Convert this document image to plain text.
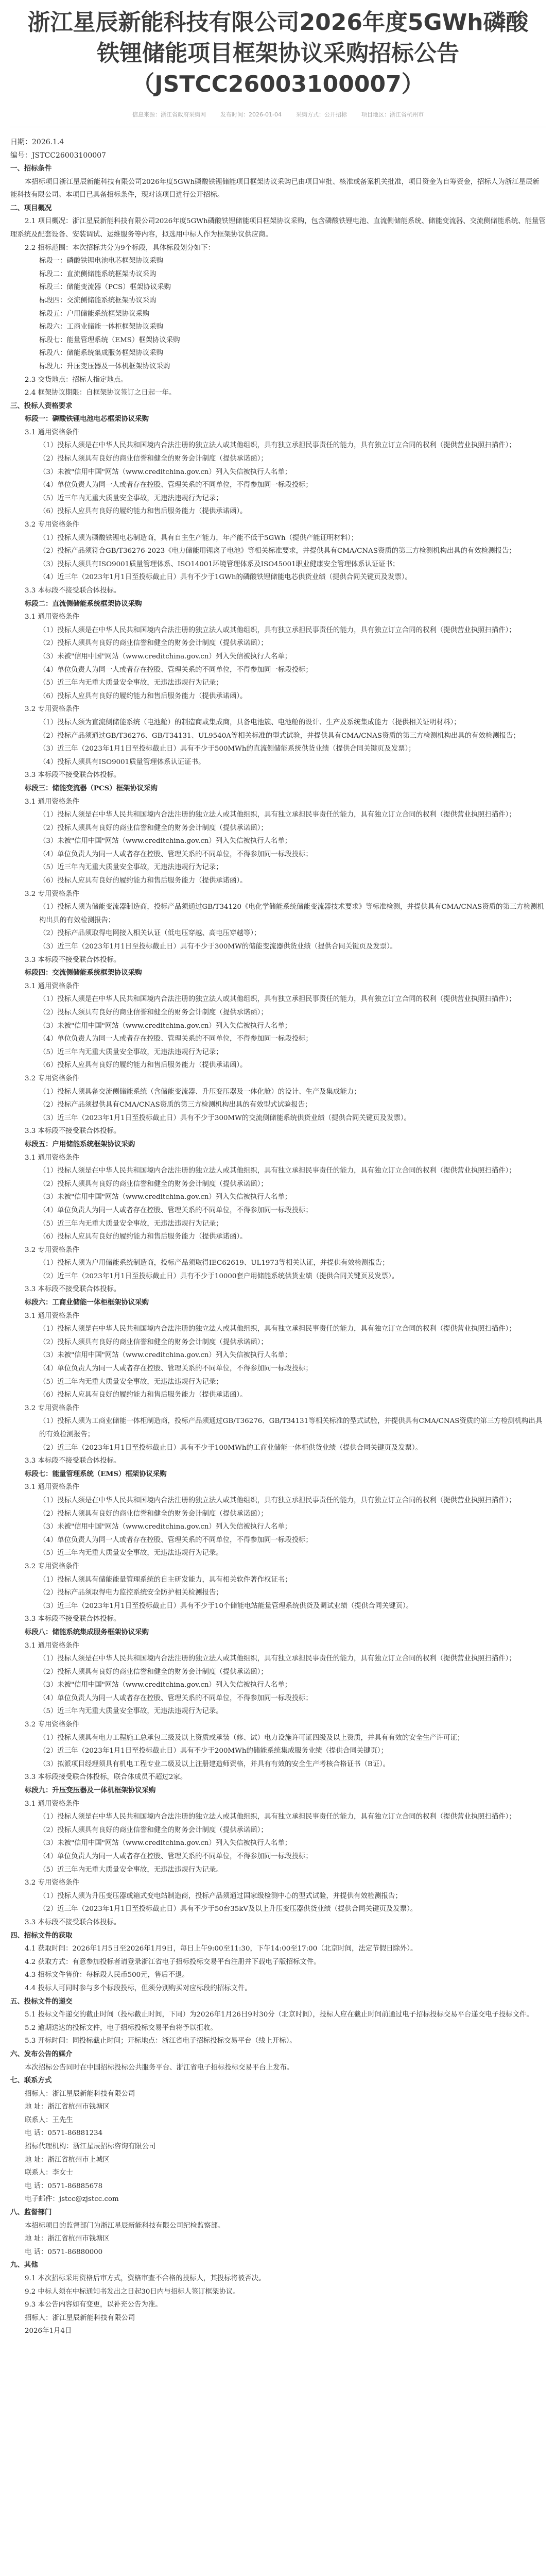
浙江星辰新能科技有限公司2026年度5GWh磷酸铁锂储能项目框架协议采购招标公告（JSTCC26003100007）
信息来源：浙江省政府采购网	发布时间：2026-01-04	采购方式：公开招标	项目地区：浙江省杭州市

日期：2026.1.4

编号：JSTCC26003100007

一、招标条件

本招标项目浙江星辰新能科技有限公司2026年度5GWh磷酸铁锂储能项目框架协议采购已由项目审批、核准或备案机关批准，项目资金为自筹资金，招标人为浙江星辰新能科技有限公司。本项目已具备招标条件，现对该项目进行公开招标。

二、项目概况

2.1 项目概况：浙江星辰新能科技有限公司2026年度5GWh磷酸铁锂储能项目框架协议采购，包含磷酸铁锂电池、直流侧储能系统、储能变流器、交流侧储能系统、能量管理系统及配套设备、安装调试、运维服务等内容，拟选用中标人作为框架协议供应商。

2.2 招标范围：本次招标共分为9个标段，具体标段划分如下：

标段一：磷酸铁锂电池电芯框架协议采购

标段二：直流侧储能系统框架协议采购

标段三：储能变流器（PCS）框架协议采购

标段四：交流侧储能系统框架协议采购

标段五：户用储能系统框架协议采购

标段六：工商业储能一体柜框架协议采购

标段七：能量管理系统（EMS）框架协议采购

标段八：储能系统集成服务框架协议采购

标段九：升压变压器及一体机框架协议采购

2.3 交货地点：招标人指定地点。

2.4 框架协议期限：自框架协议签订之日起一年。

三、投标人资格要求

标段一：磷酸铁锂电池电芯框架协议采购

3.1 通用资格条件

（1）投标人须是在中华人民共和国境内合法注册的独立法人或其他组织，具有独立承担民事责任的能力，具有独立订立合同的权利（提供营业执照扫描件）；

（2）投标人须具有良好的商业信誉和健全的财务会计制度（提供承诺函）；

（3）未被"信用中国"网站（www.creditchina.gov.cn）列入失信被执行人名单；

（4）单位负责人为同一人或者存在控股、管理关系的不同单位，不得参加同一标段投标；

（5）近三年内无重大质量安全事故，无违法违规行为记录；

（6）投标人应具有良好的履约能力和售后服务能力（提供承诺函）。

3.2 专用资格条件

（1）投标人须为磷酸铁锂电芯制造商，具有自主生产能力，年产能不低于5GWh（提供产能证明材料）；

（2）投标产品须符合GB/T36276-2023《电力储能用锂离子电池》等相关标准要求，并提供具有CMA/CNAS资质的第三方检测机构出具的有效检测报告；

（3）投标人须具有ISO9001质量管理体系、ISO14001环境管理体系及ISO45001职业健康安全管理体系认证证书；

（4）近三年（2023年1月1日至投标截止日）具有不少于1GWh的磷酸铁锂储能电芯供货业绩（提供合同关键页及发票）。

3.3 本标段不接受联合体投标。

标段二：直流侧储能系统框架协议采购

3.1 通用资格条件

（1）投标人须是在中华人民共和国境内合法注册的独立法人或其他组织，具有独立承担民事责任的能力，具有独立订立合同的权利（提供营业执照扫描件）；

（2）投标人须具有良好的商业信誉和健全的财务会计制度（提供承诺函）；

（3）未被"信用中国"网站（www.creditchina.gov.cn）列入失信被执行人名单；

（4）单位负责人为同一人或者存在控股、管理关系的不同单位，不得参加同一标段投标；

（5）近三年内无重大质量安全事故，无违法违规行为记录；

（6）投标人应具有良好的履约能力和售后服务能力（提供承诺函）。

3.2 专用资格条件

（1）投标人须为直流侧储能系统（电池舱）的制造商或集成商，具备电池簇、电池舱的设计、生产及系统集成能力（提供相关证明材料）；

（2）投标产品须通过GB/T36276、GB/T34131、UL9540A等相关标准的型式试验，并提供具有CMA/CNAS资质的第三方检测机构出具的有效检测报告；

（3）近三年（2023年1月1日至投标截止日）具有不少于500MWh的直流侧储能系统供货业绩（提供合同关键页及发票）；

（4）投标人须具有ISO9001质量管理体系认证证书。

3.3 本标段不接受联合体投标。

标段三：储能变流器（PCS）框架协议采购

3.1 通用资格条件

（1）投标人须是在中华人民共和国境内合法注册的独立法人或其他组织，具有独立承担民事责任的能力，具有独立订立合同的权利（提供营业执照扫描件）；

（2）投标人须具有良好的商业信誉和健全的财务会计制度（提供承诺函）；

（3）未被"信用中国"网站（www.creditchina.gov.cn）列入失信被执行人名单；

（4）单位负责人为同一人或者存在控股、管理关系的不同单位，不得参加同一标段投标；

（5）近三年内无重大质量安全事故，无违法违规行为记录；

（6）投标人应具有良好的履约能力和售后服务能力（提供承诺函）。

3.2 专用资格条件

（1）投标人须为储能变流器制造商，投标产品须通过GB/T34120《电化学储能系统储能变流器技术要求》等标准检测，并提供具有CMA/CNAS资质的第三方检测机构出具的有效检测报告；

（2）投标产品须取得电网接入相关认证（低电压穿越、高电压穿越等）；

（3）近三年（2023年1月1日至投标截止日）具有不少于300MW的储能变流器供货业绩（提供合同关键页及发票）。

3.3 本标段不接受联合体投标。

标段四：交流侧储能系统框架协议采购

3.1 通用资格条件

（1）投标人须是在中华人民共和国境内合法注册的独立法人或其他组织，具有独立承担民事责任的能力，具有独立订立合同的权利（提供营业执照扫描件）；

（2）投标人须具有良好的商业信誉和健全的财务会计制度（提供承诺函）；

（3）未被"信用中国"网站（www.creditchina.gov.cn）列入失信被执行人名单；

（4）单位负责人为同一人或者存在控股、管理关系的不同单位，不得参加同一标段投标；

（5）近三年内无重大质量安全事故，无违法违规行为记录；

（6）投标人应具有良好的履约能力和售后服务能力（提供承诺函）。

3.2 专用资格条件

（1）投标人须具备交流侧储能系统（含储能变流器、升压变压器及一体化舱）的设计、生产及集成能力；

（2）投标产品须提供具有CMA/CNAS资质的第三方检测机构出具的有效型式试验报告；

（3）近三年（2023年1月1日至投标截止日）具有不少于300MW的交流侧储能系统供货业绩（提供合同关键页及发票）。

3.3 本标段不接受联合体投标。

标段五：户用储能系统框架协议采购

3.1 通用资格条件

（1）投标人须是在中华人民共和国境内合法注册的独立法人或其他组织，具有独立承担民事责任的能力，具有独立订立合同的权利（提供营业执照扫描件）；

（2）投标人须具有良好的商业信誉和健全的财务会计制度（提供承诺函）；

（3）未被"信用中国"网站（www.creditchina.gov.cn）列入失信被执行人名单；

（4）单位负责人为同一人或者存在控股、管理关系的不同单位，不得参加同一标段投标；

（5）近三年内无重大质量安全事故，无违法违规行为记录；

（6）投标人应具有良好的履约能力和售后服务能力（提供承诺函）。

3.2 专用资格条件

（1）投标人须为户用储能系统制造商，投标产品须取得IEC62619、UL1973等相关认证，并提供有效检测报告；

（2）近三年（2023年1月1日至投标截止日）具有不少于10000套户用储能系统供货业绩（提供合同关键页及发票）。

3.3 本标段不接受联合体投标。

标段六：工商业储能一体柜框架协议采购

3.1 通用资格条件

（1）投标人须是在中华人民共和国境内合法注册的独立法人或其他组织，具有独立承担民事责任的能力，具有独立订立合同的权利（提供营业执照扫描件）；

（2）投标人须具有良好的商业信誉和健全的财务会计制度（提供承诺函）；

（3）未被"信用中国"网站（www.creditchina.gov.cn）列入失信被执行人名单；

（4）单位负责人为同一人或者存在控股、管理关系的不同单位，不得参加同一标段投标；

（5）近三年内无重大质量安全事故，无违法违规行为记录；

（6）投标人应具有良好的履约能力和售后服务能力（提供承诺函）。

3.2 专用资格条件

（1）投标人须为工商业储能一体柜制造商，投标产品须通过GB/T36276、GB/T34131等相关标准的型式试验，并提供具有CMA/CNAS资质的第三方检测机构出具的有效检测报告；

（2）近三年（2023年1月1日至投标截止日）具有不少于100MWh的工商业储能一体柜供货业绩（提供合同关键页及发票）。

3.3 本标段不接受联合体投标。

标段七：能量管理系统（EMS）框架协议采购

3.1 通用资格条件

（1）投标人须是在中华人民共和国境内合法注册的独立法人或其他组织，具有独立承担民事责任的能力，具有独立订立合同的权利（提供营业执照扫描件）；

（2）投标人须具有良好的商业信誉和健全的财务会计制度（提供承诺函）；

（3）未被"信用中国"网站（www.creditchina.gov.cn）列入失信被执行人名单；

（4）单位负责人为同一人或者存在控股、管理关系的不同单位，不得参加同一标段投标；

（5）近三年内无重大质量安全事故，无违法违规行为记录。

3.2 专用资格条件

（1）投标人须具有储能能量管理系统的自主研发能力，具有相关软件著作权证书；

（2）投标产品须取得电力监控系统安全防护相关检测报告；

（3）近三年（2023年1月1日至投标截止日）具有不少于10个储能电站能量管理系统供货及调试业绩（提供合同关键页）。

3.3 本标段不接受联合体投标。

标段八：储能系统集成服务框架协议采购

3.1 通用资格条件

（1）投标人须是在中华人民共和国境内合法注册的独立法人或其他组织，具有独立承担民事责任的能力，具有独立订立合同的权利（提供营业执照扫描件）；

（2）投标人须具有良好的商业信誉和健全的财务会计制度（提供承诺函）；

（3）未被"信用中国"网站（www.creditchina.gov.cn）列入失信被执行人名单；

（4）单位负责人为同一人或者存在控股、管理关系的不同单位，不得参加同一标段投标；

（5）近三年内无重大质量安全事故，无违法违规行为记录。

3.2 专用资格条件

（1）投标人须具有电力工程施工总承包三级及以上资质或承装（修、试）电力设施许可证四级及以上资质，并具有有效的安全生产许可证；

（2）近三年（2023年1月1日至投标截止日）具有不少于200MWh的储能系统集成服务业绩（提供合同关键页）；

（3）拟派项目经理须具有机电工程专业二级及以上注册建造师资格，并具有有效的安全生产考核合格证书（B证）。

3.3 本标段接受联合体投标，联合体成员不超过2家。

标段九：升压变压器及一体机框架协议采购

3.1 通用资格条件

（1）投标人须是在中华人民共和国境内合法注册的独立法人或其他组织，具有独立承担民事责任的能力，具有独立订立合同的权利（提供营业执照扫描件）；

（2）投标人须具有良好的商业信誉和健全的财务会计制度（提供承诺函）；

（3）未被"信用中国"网站（www.creditchina.gov.cn）列入失信被执行人名单；

（4）单位负责人为同一人或者存在控股、管理关系的不同单位，不得参加同一标段投标；

（5）近三年内无重大质量安全事故，无违法违规行为记录。

3.2 专用资格条件

（1）投标人须为升压变压器或箱式变电站制造商，投标产品须通过国家级检测中心的型式试验，并提供有效检测报告；

（2）近三年（2023年1月1日至投标截止日）具有不少于50台35kV及以上升压变压器供货业绩（提供合同关键页及发票）。

3.3 本标段不接受联合体投标。

四、招标文件的获取

4.1 获取时间：2026年1月5日至2026年1月9日，每日上午9:00至11:30，下午14:00至17:00（北京时间，法定节假日除外）。

4.2 获取方式：有意参加投标者请登录浙江省电子招标投标交易平台注册并下载电子版招标文件。

4.3 招标文件售价：每标段人民币500元，售后不退。

4.4 投标人可同时参与多个标段投标，但须分别购买对应标段的招标文件。

五、投标文件的递交

5.1 投标文件递交的截止时间（投标截止时间，下同）为2026年1月26日9时30分（北京时间），投标人应在截止时间前通过电子招标投标交易平台递交电子投标文件。

5.2 逾期送达的投标文件，电子招标投标交易平台将予以拒收。

5.3 开标时间：同投标截止时间；开标地点：浙江省电子招标投标交易平台（线上开标）。

六、发布公告的媒介

本次招标公告同时在中国招标投标公共服务平台、浙江省电子招标投标交易平台上发布。

七、联系方式

招标人：浙江星辰新能科技有限公司

地 址：浙江省杭州市钱塘区

联系人：王先生

电 话：0571-86881234

招标代理机构：浙江星辰招标咨询有限公司

地 址：浙江省杭州市上城区

联系人：李女士

电 话：0571-86885678

电子邮件：jstcc@zjstcc.com

八、监督部门

本招标项目的监督部门为浙江星辰新能科技有限公司纪检监察部。

地 址：浙江省杭州市钱塘区

电 话：0571-86880000

九、其他

9.1 本次招标采用资格后审方式，资格审查不合格的投标人，其投标将被否决。

9.2 中标人须在中标通知书发出之日起30日内与招标人签订框架协议。

9.3 本公告内容如有变更，以补充公告为准。

招标人：浙江星辰新能科技有限公司

2026年1月4日
